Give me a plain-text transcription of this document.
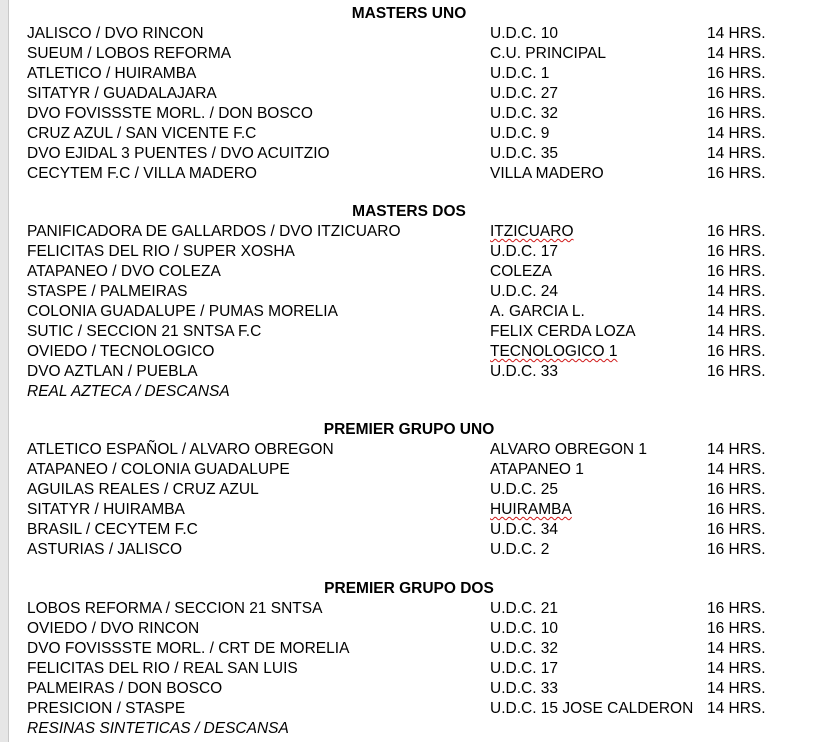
MASTERS UNO
JALISCO / DVO RINCON	U.D.C. 10	14 HRS.
SUEUM / LOBOS REFORMA	C.U. PRINCIPAL	14 HRS.
ATLETICO / HUIRAMBA	U.D.C. 1	16 HRS.
SITATYR / GUADALAJARA	U.D.C. 27	16 HRS.
DVO FOVISSSTE MORL. / DON BOSCO	U.D.C. 32	16 HRS.
CRUZ AZUL / SAN VICENTE F.C	U.D.C. 9	14 HRS.
DVO EJIDAL 3 PUENTES / DVO ACUITZIO	U.D.C. 35	14 HRS.
CECYTEM F.C / VILLA MADERO	VILLA MADERO	16 HRS.
MASTERS DOS
PANIFICADORA DE GALLARDOS / DVO ITZICUARO	ITZICUARO	16 HRS.
FELICITAS DEL RIO / SUPER XOSHA	U.D.C. 17	16 HRS.
ATAPANEO / DVO COLEZA	COLEZA	16 HRS.
STASPE / PALMEIRAS	U.D.C. 24	14 HRS.
COLONIA GUADALUPE / PUMAS MORELIA	A. GARCIA L.	14 HRS.
SUTIC / SECCION 21 SNTSA F.C	FELIX CERDA LOZA	14 HRS.
OVIEDO / TECNOLOGICO	TECNOLOGICO 1	16 HRS.
DVO AZTLAN / PUEBLA	U.D.C. 33	16 HRS.
REAL AZTECA / DESCANSA
PREMIER GRUPO UNO
ATLETICO ESPAÑOL / ALVARO OBREGON	ALVARO OBREGON 1	14 HRS.
ATAPANEO / COLONIA GUADALUPE	ATAPANEO 1	14 HRS.
AGUILAS REALES / CRUZ AZUL	U.D.C. 25	16 HRS.
SITATYR / HUIRAMBA	HUIRAMBA	16 HRS.
BRASIL / CECYTEM F.C	U.D.C. 34	16 HRS.
ASTURIAS / JALISCO	U.D.C. 2	16 HRS.
PREMIER GRUPO DOS
LOBOS REFORMA / SECCION 21 SNTSA	U.D.C. 21	16 HRS.
OVIEDO / DVO RINCON	U.D.C. 10	16 HRS.
DVO FOVISSSTE MORL. / CRT DE MORELIA	U.D.C. 32	14 HRS.
FELICITAS DEL RIO / REAL SAN LUIS	U.D.C. 17	14 HRS.
PALMEIRAS / DON BOSCO	U.D.C. 33	14 HRS.
PRESICION / STASPE	U.D.C. 15 JOSE CALDERON 14 HRS.
RESINAS SINTETICAS / DESCANSA
